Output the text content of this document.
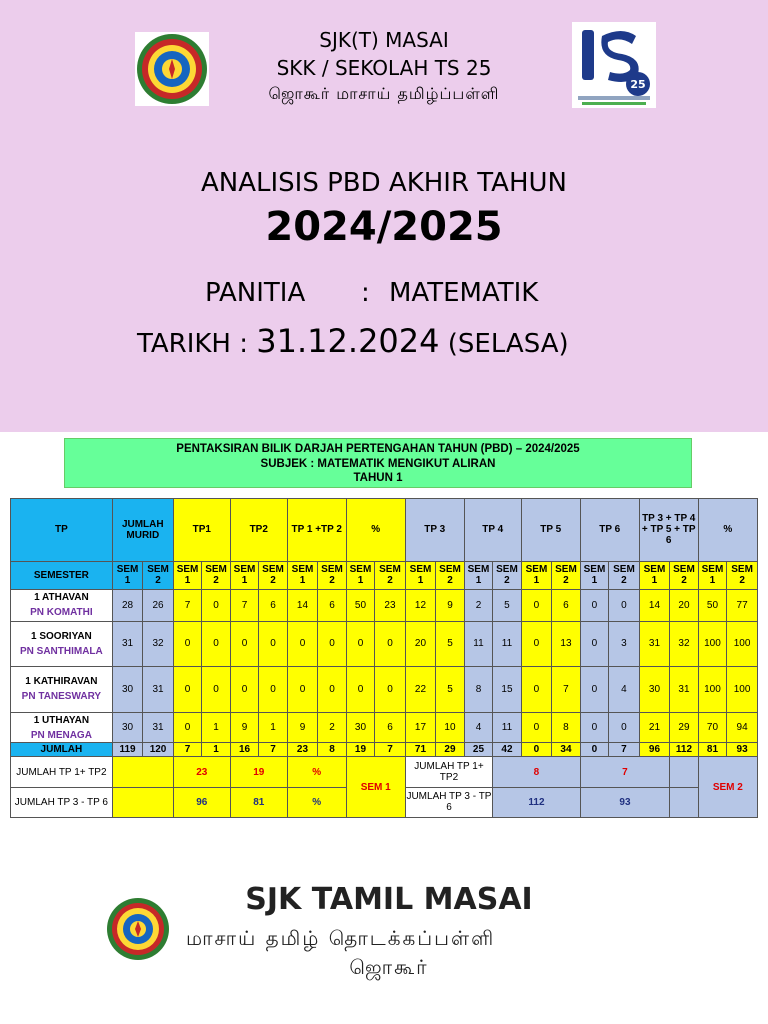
SJK(T) MASAI
SKK / SEKOLAH TS 25
ஜொகூர் மாசாய் தமிழ்ப்பள்ளி	25
ANALISIS PBD AKHIR TAHUN
2024/2025
PANITIA : MATEMATIK
TARIKH : 31.12.2024 (SELASA)
PENTAKSIRAN BILIK DARJAH PERTENGAHAN TAHUN (PBD) – 2024/2025
SUBJEK : MATEMATIK MENGIKUT ALIRAN
TAHUN 1
TP	JUMLAH MURID		TP1		TP2		TP 1 +TP 2		%		TP 3		TP 4		TP 5		TP 6		TP 3 + TP 4 + TP 5 + TP 6		%	
SEMESTER	SEM 1	SEM 2	SEM 1	SEM 2	SEM 1	SEM 2	SEM 1	SEM 2	SEM 1	SEM 2	SEM 1	SEM 2	SEM 1	SEM 2	SEM 1	SEM 2	SEM 1	SEM 2	SEM 1	SEM 2	SEM 1	SEM 2

1 ATHAVAN
PN KOMATHI	28	26	7	0	7	6	14	6	50	23	12	9	2	5	0	6	0	0	14	20	50	77

1 SOORIYAN
PN SANTHIMALA	31	32	0	0	0	0	0	0	0	0	20	5	11	11	0	13	0	3	31	32	100	100

1 KATHIRAVAN
PN TANESWARY	30	31	0	0	0	0	0	0	0	0	22	5	8	15	0	7	0	4	30	31	100	100

1 UTHAYAN
PN MENAGA	30	31	0	1	9	1	9	2	30	6	17	10	4	11	0	8	0	0	21	29	70	94
JUMLAH	119	120	7	1	16	7	23	8	19	7	71	29	25	42	0	34	0	7	96	112	81	93
JUMLAH TP 1+ TP2			23		19		%		SEM 1		JUMLAH TP 1+ TP2			8			7				SEM 2	
JUMLAH TP 3 - TP 6			96		81		%				JUMLAH TP 3 - TP 6			112			93					
SJK TAMIL MASAI
மாசாய் தமிழ் தொடக்கப்பள்ளி
ஜொகூர்
